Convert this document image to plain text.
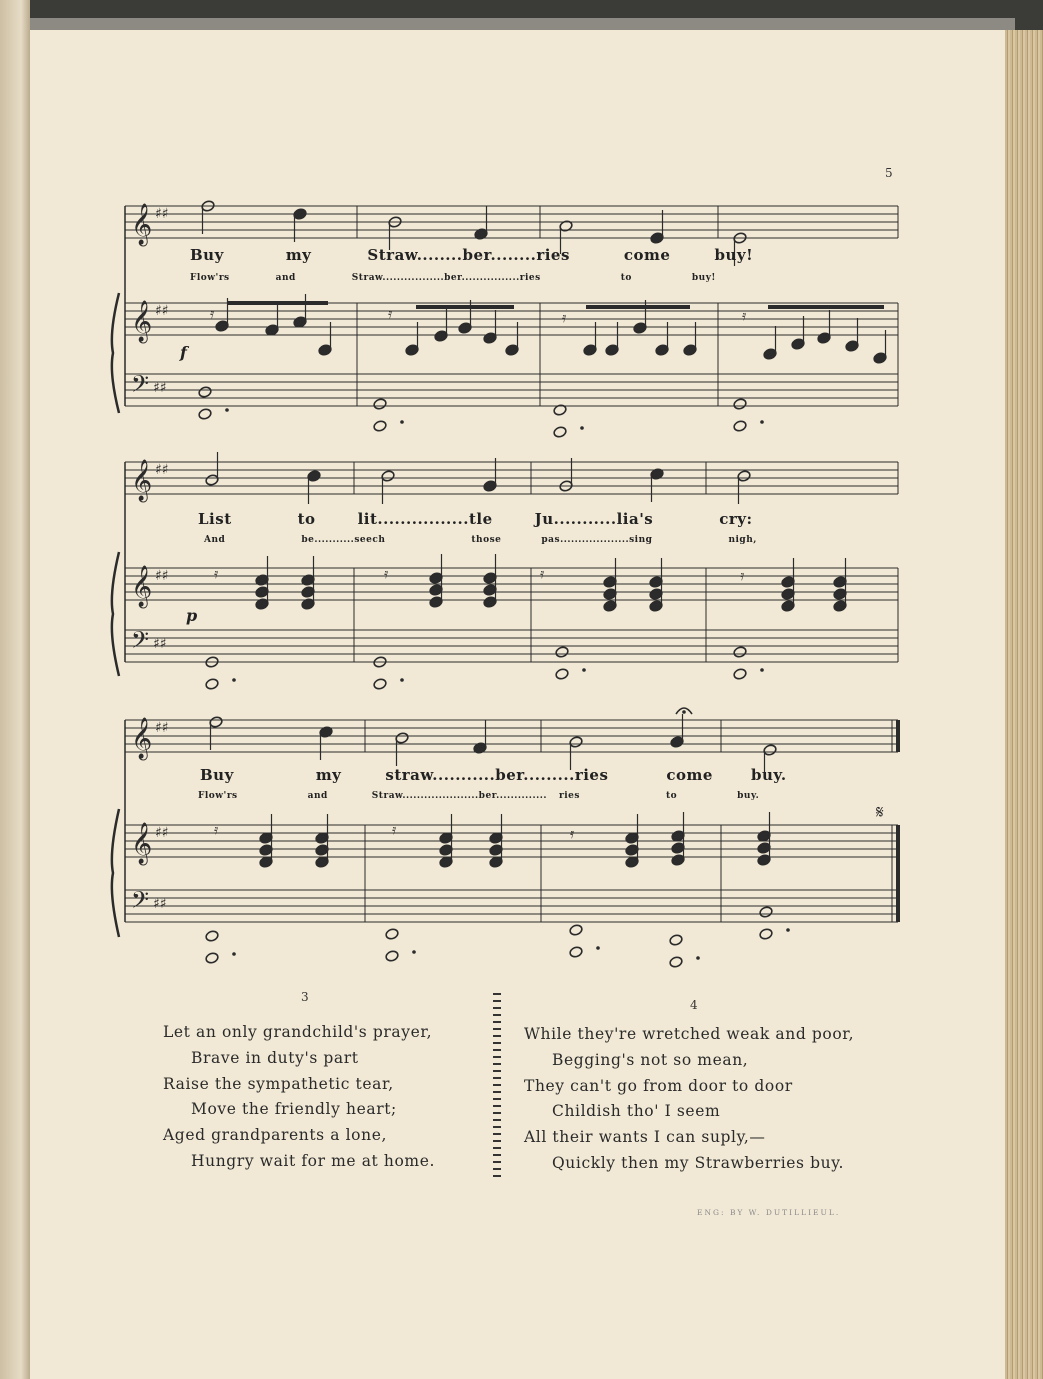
5
𝄞 ♯♯
𝄞 ♯♯
𝄢 ♯♯
𝄞 ♯♯
𝄞 ♯♯
𝄢 ♯♯
𝄞 ♯♯
𝄞 ♯♯
𝄢 ♯♯
𝄿	𝄿	𝄿	𝄿
𝄿	𝄿	𝄿	𝄿
𝄿	𝄿	𝄿
𝄋
Buy	my	Straw........ber........ries	come	buy!
Flow'rs	and	Straw.................ber................ries	to	buy!
f
List	to	lit................tle	Ju...........lia's	cry:
And	be...........seech	those	pas...................sing	nigh,
p
Buy	my	straw...........ber.........ries	come	buy.
Flow'rs	and	Straw.....................ber.............. ries	to	buy.
3
Let an only grandchild's prayer,
Brave in duty's part
Raise the sympathetic tear,
Move the friendly heart;
Aged grandparents a lone,
Hungry wait for me at home.
4
While they're wretched weak and poor,
Begging's not so mean,
They can't go from door to door
Childish tho' I seem
All their wants I can suply,—
Quickly then my Strawberries buy.
ENG: BY W. DUTILLIEUL.
